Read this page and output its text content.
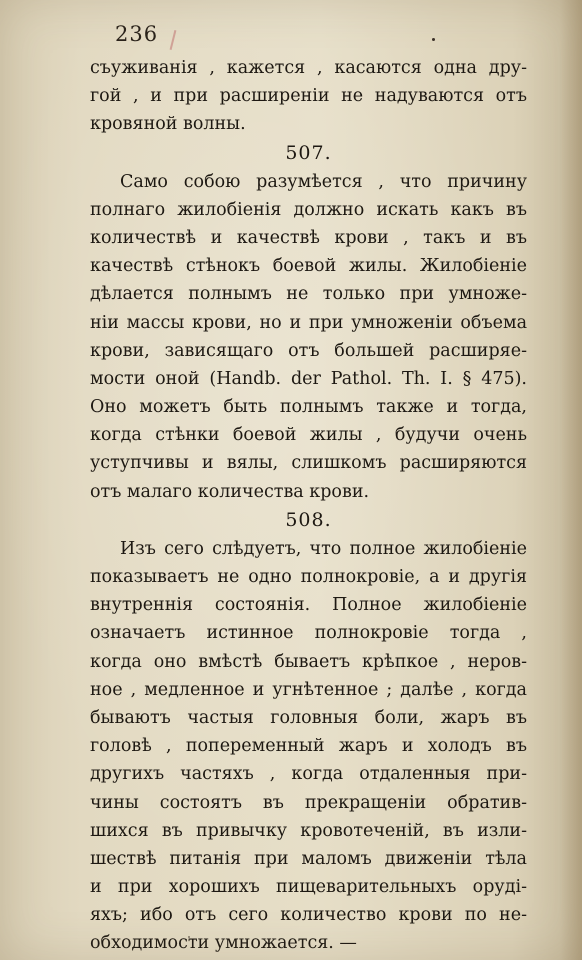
236
съуживанія , кажется , касаются одна дру-
гой , и при расширеніи не надуваются отъ
кровяной волны.
507.
Само собою разумѣется , что причину
полнаго жилобіенія должно искать какъ въ
количествѣ и качествѣ крови , такъ и въ
качествѣ стѣнокъ боевой жилы. Жилобіеніе
дѣлается полнымъ не только при умноже-
ніи массы крови, но и при умноженіи объема
крови, зависящаго отъ большей расширяе-
мости оной (Handb. der Pathol. Th. I. § 475).
Оно можетъ быть полнымъ также и тогда,
когда стѣнки боевой жилы , будучи очень
уступчивы и вялы, слишкомъ расширяются
отъ малаго количества крови.
508.
Изъ сего слѣдуетъ, что полное жилобіеніе
показываетъ не одно полнокровіе, а и другія
внутреннія состоянія. Полное жилобіеніе
означаетъ истинное полнокровіе тогда ,
когда оно вмѣстѣ бываетъ крѣпкое , неров-
ное , медленное и угнѣтенное ; далѣе , когда
бываютъ частыя головныя боли, жаръ въ
головѣ , попеременный жаръ и холодъ въ
другихъ частяхъ , когда отдаленныя при-
чины состоятъ въ прекращеніи обратив-
шихся въ привычку кровотеченій, въ изли-
шествѣ питанія при маломъ движеніи тѣла
и при хорошихъ пищеварительныхъ оруді-
яхъ; ибо отъ сего количество крови по не-
обходимости умножается. —
